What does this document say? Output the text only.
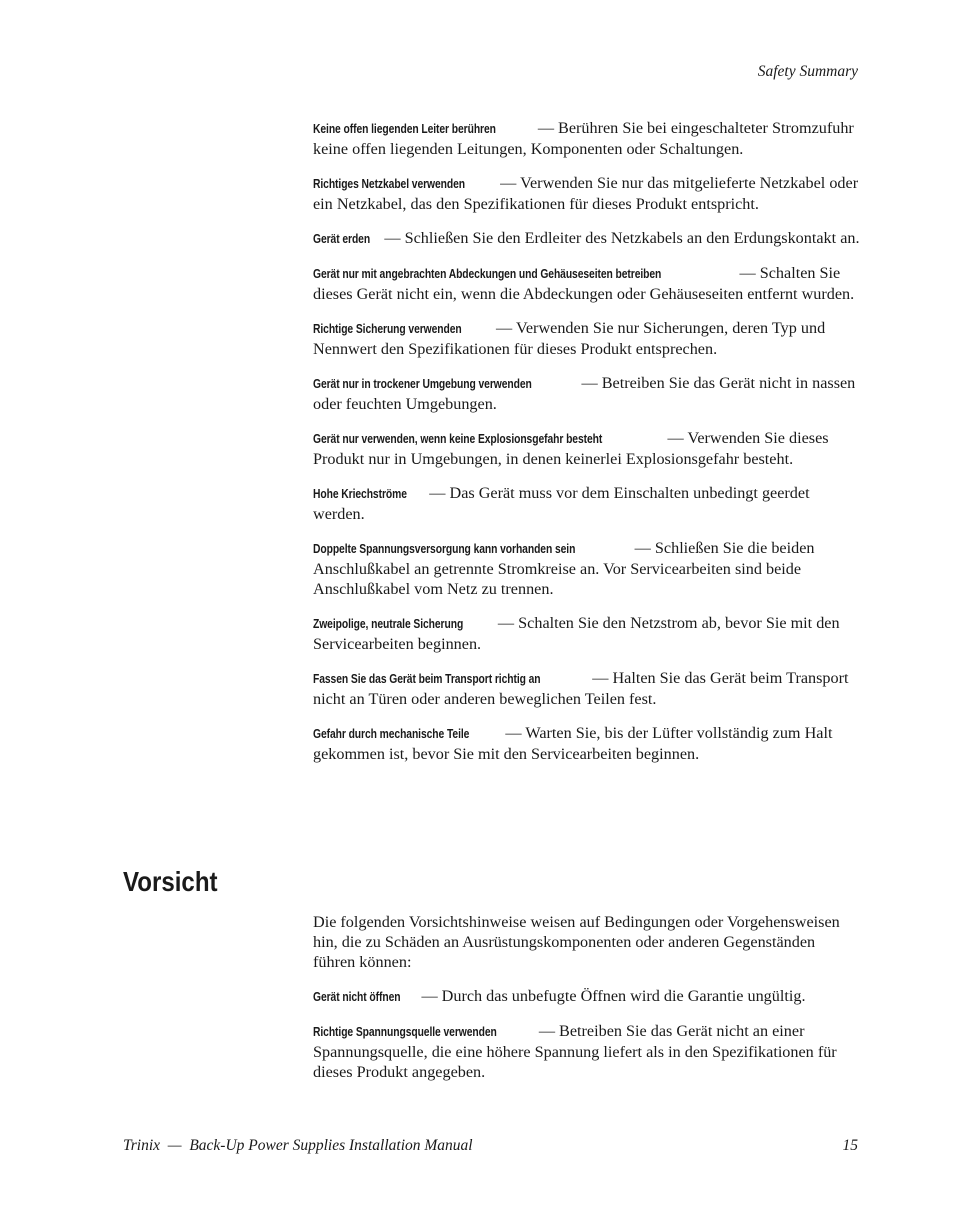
Safety Summary

Keine offen liegenden Leiter berühren	— Berühren Sie bei eingeschalteter Stromzufuhr keine offen liegenden Leitungen, Komponenten oder Schaltungen.

Richtiges Netzkabel verwenden — Verwenden Sie nur das mitgelieferte Netzkabel oder ein Netzkabel, das den Spezifikationen für dieses Produkt entspricht.

Gerät erden — Schließen Sie den Erdleiter des Netzkabels an den Erdungskontakt an.

Gerät nur mit angebrachten Abdeckungen und Gehäuseseiten betreiben	— Schalten Sie dieses Gerät nicht ein, wenn die Abdeckungen oder Gehäuseseiten entfernt wurden.

Richtige Sicherung verwenden — Verwenden Sie nur Sicherungen, deren Typ und Nennwert den Spezifikationen für dieses Produkt entsprechen.

Gerät nur in trockener Umgebung verwenden	— Betreiben Sie das Gerät nicht in nassen oder feuchten Umgebungen.

Gerät nur verwenden, wenn keine Explosionsgefahr besteht	— Verwenden Sie dieses Produkt nur in Umgebungen, in denen keinerlei Explosionsgefahr besteht.

Hohe Kriechströme — Das Gerät muss vor dem Einschalten unbedingt geerdet werden.

Doppelte Spannungsversorgung kann vorhanden sein	— Schließen Sie die beiden Anschlußkabel an getrennte Stromkreise an. Vor Servicearbeiten sind beide Anschlußkabel vom Netz zu trennen.

Zweipolige, neutrale Sicherung — Schalten Sie den Netzstrom ab, bevor Sie mit den Servicearbeiten beginnen.

Fassen Sie das Gerät beim Transport richtig an	— Halten Sie das Gerät beim Transport nicht an Türen oder anderen beweglichen Teilen fest.

Gefahr durch mechanische Teile — Warten Sie, bis der Lüfter vollständig zum Halt gekommen ist, bevor Sie mit den Servicearbeiten beginnen.

Vorsicht

Die folgenden Vorsichtshinweise weisen auf Bedingungen oder Vorgehensweisen hin, die zu Schäden an Ausrüstungskomponenten oder anderen Gegenständen führen können:

Gerät nicht öffnen — Durch das unbefugte Öffnen wird die Garantie ungültig.

Richtige Spannungsquelle verwenden	— Betreiben Sie das Gerät nicht an einer Spannungsquelle, die eine höhere Spannung liefert als in den Spezifikationen für dieses Produkt angegeben.

Trinix  —  Back-Up Power Supplies Installation Manual	15
